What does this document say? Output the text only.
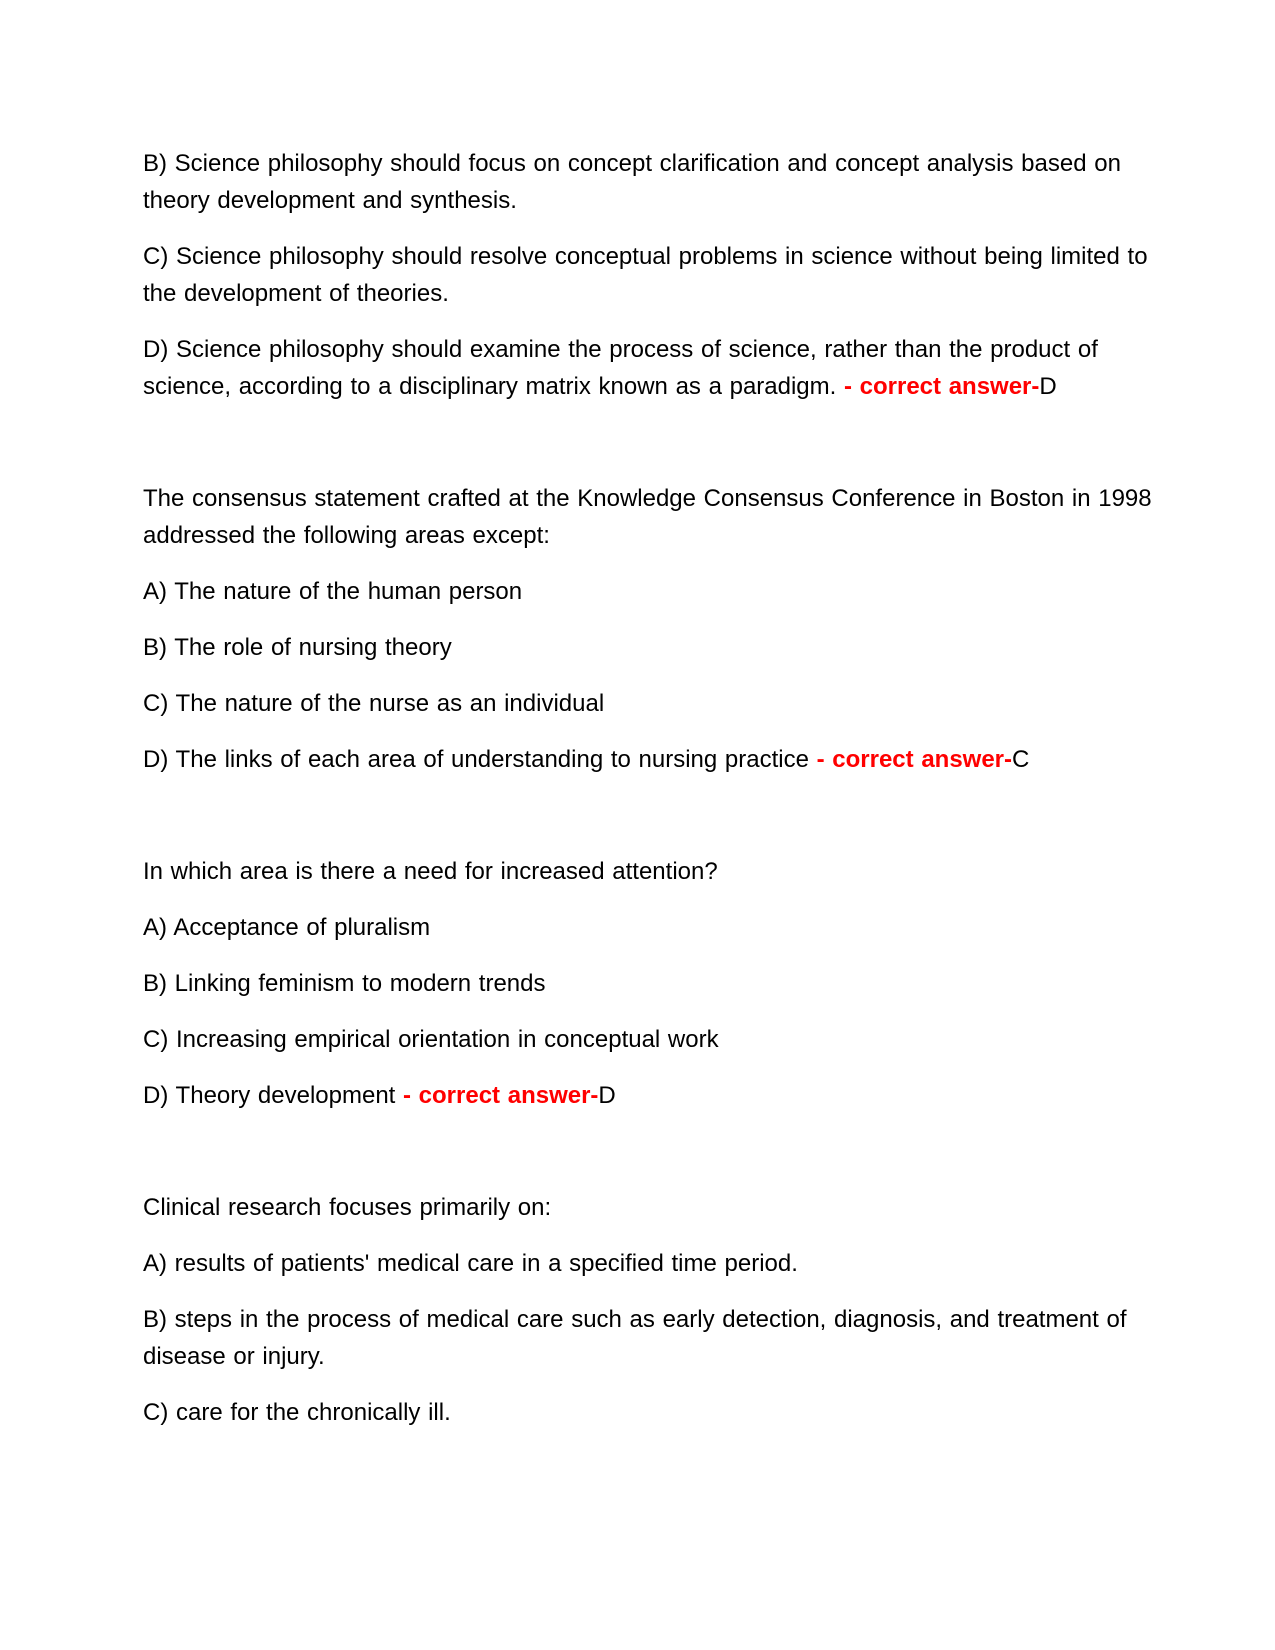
B) Science philosophy should focus on concept clarification and concept analysis based on theory development and synthesis.

C) Science philosophy should resolve conceptual problems in science without being limited to the development of theories.

D) Science philosophy should examine the process of science, rather than the product of science, according to a disciplinary matrix known as a paradigm. - correct answer-D

The consensus statement crafted at the Knowledge Consensus Conference in Boston in 1998 addressed the following areas except:

A) The nature of the human person

B) The role of nursing theory

C) The nature of the nurse as an individual

D) The links of each area of understanding to nursing practice - correct answer-C

In which area is there a need for increased attention?

A) Acceptance of pluralism

B) Linking feminism to modern trends

C) Increasing empirical orientation in conceptual work

D) Theory development - correct answer-D

Clinical research focuses primarily on:

A) results of patients' medical care in a specified time period.

B) steps in the process of medical care such as early detection, diagnosis, and treatment of disease or injury.

C) care for the chronically ill.
